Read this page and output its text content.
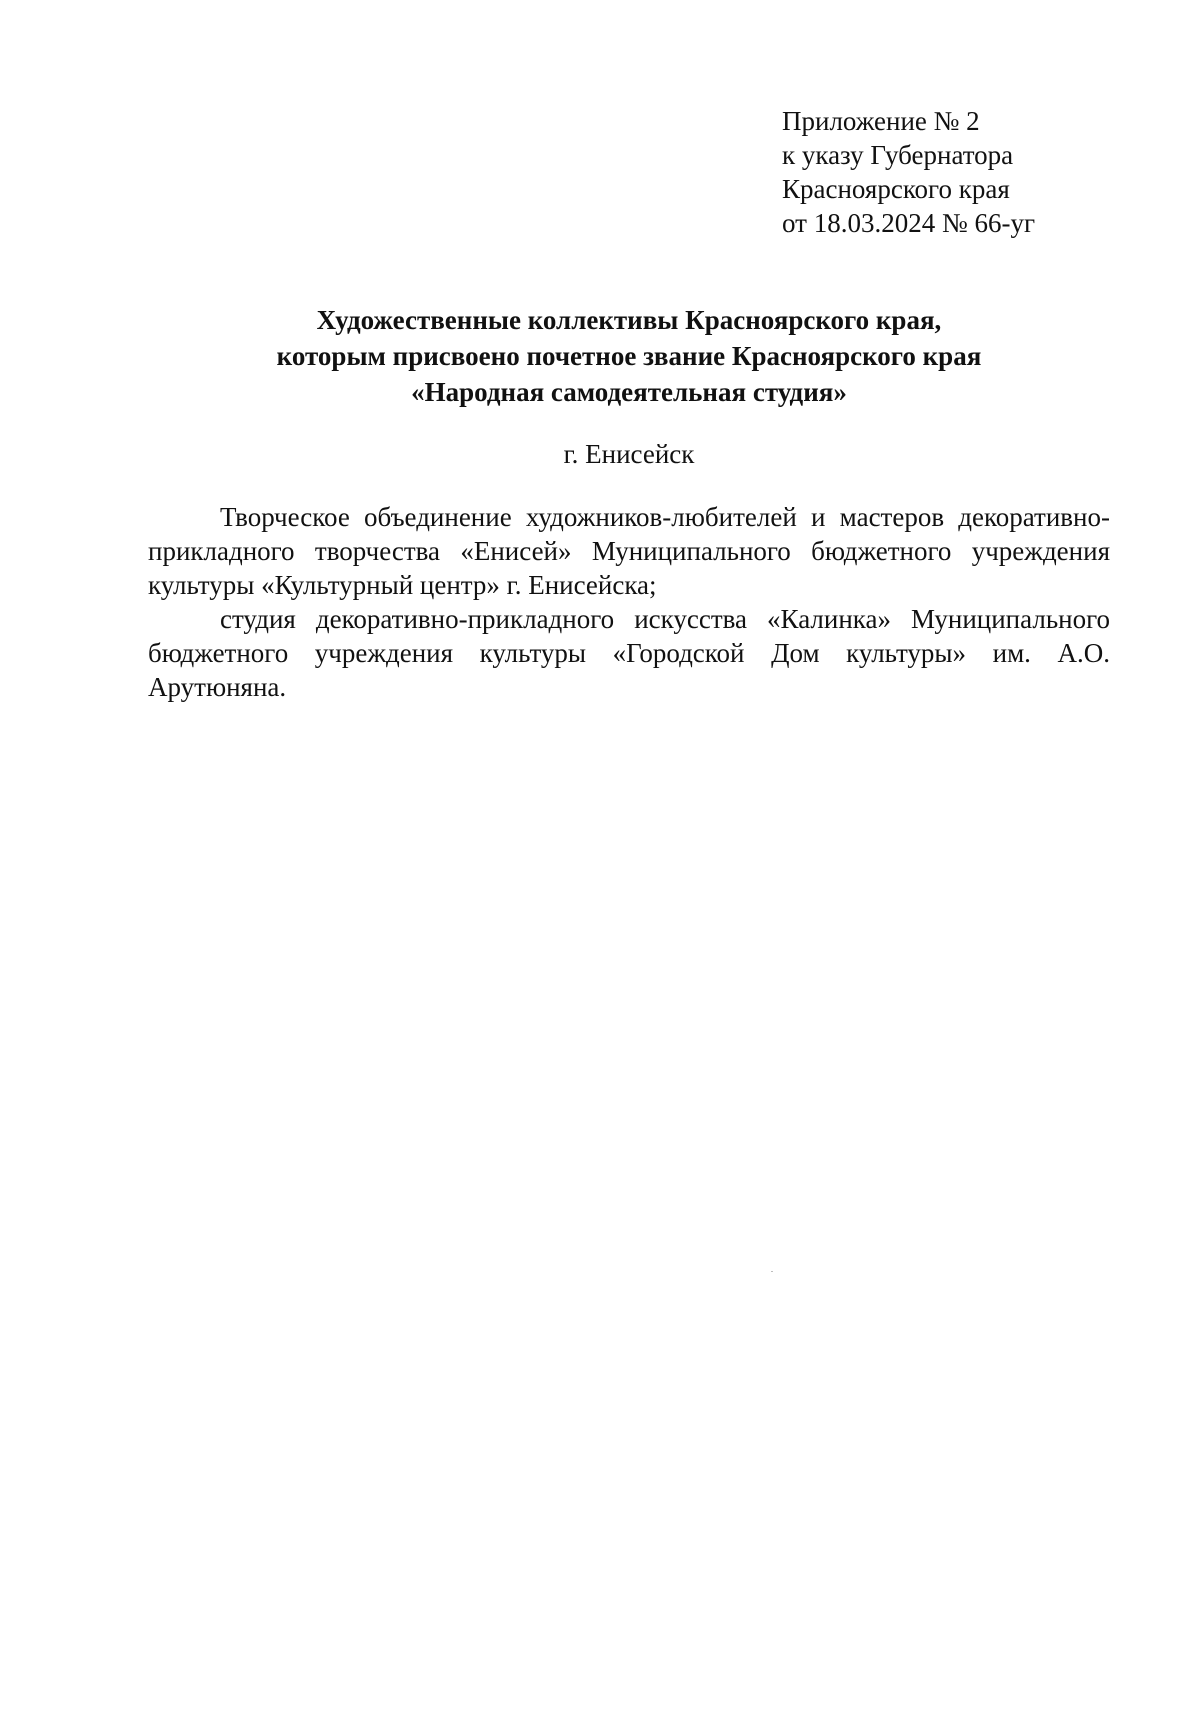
Приложение № 2
к указу Губернатора
Красноярского края
от 18.03.2024 № 66-уг
Художественные коллективы Красноярского края,
которым присвоено почетное звание Красноярского края
«Народная самодеятельная студия»
г. Енисейск

Творческое объединение художников-любителей и мастеров декоративно-прикладного творчества «Енисей» Муниципального бюджетного учреждения культуры «Культурный центр» г. Енисейска;

студия декоративно-прикладного искусства «Калинка» Муниципального бюджетного учреждения культуры «Городской Дом культуры» им. А.О. Арутюняна.
